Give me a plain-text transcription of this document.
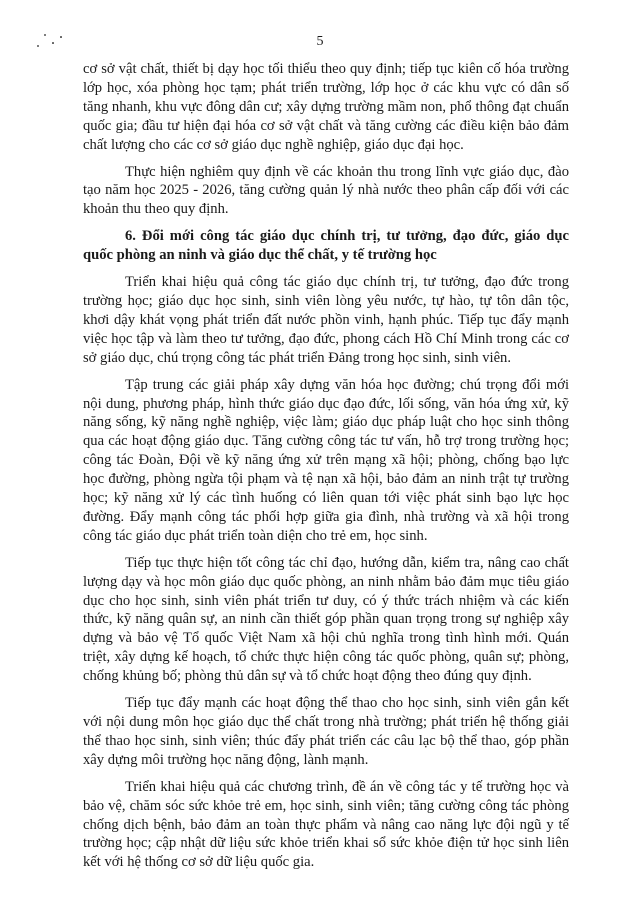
5

cơ sở vật chất, thiết bị dạy học tối thiểu theo quy định; tiếp tục kiên cố hóa trường lớp học, xóa phòng học tạm; phát triển trường, lớp học ở các khu vực có dân số tăng nhanh, khu vực đông dân cư; xây dựng trường mầm non, phổ thông đạt chuẩn quốc gia; đầu tư hiện đại hóa cơ sở vật chất và tăng cường các điều kiện bảo đảm chất lượng cho các cơ sở giáo dục nghề nghiệp, giáo dục đại học.

Thực hiện nghiêm quy định về các khoản thu trong lĩnh vực giáo dục, đào tạo năm học 2025 - 2026, tăng cường quản lý nhà nước theo phân cấp đối với các khoản thu theo quy định.

6. Đổi mới công tác giáo dục chính trị, tư tưởng, đạo đức, giáo dục quốc phòng an ninh và giáo dục thể chất, y tế trường học

Triển khai hiệu quả công tác giáo dục chính trị, tư tưởng, đạo đức trong trường học; giáo dục học sinh, sinh viên lòng yêu nước, tự hào, tự tôn dân tộc, khơi dậy khát vọng phát triển đất nước phồn vinh, hạnh phúc. Tiếp tục đẩy mạnh việc học tập và làm theo tư tưởng, đạo đức, phong cách Hồ Chí Minh trong các cơ sở giáo dục, chú trọng công tác phát triển Đảng trong học sinh, sinh viên.

Tập trung các giải pháp xây dựng văn hóa học đường; chú trọng đổi mới nội dung, phương pháp, hình thức giáo dục đạo đức, lối sống, văn hóa ứng xử, kỹ năng sống, kỹ năng nghề nghiệp, việc làm; giáo dục pháp luật cho học sinh thông qua các hoạt động giáo dục. Tăng cường công tác tư vấn, hỗ trợ trong trường học; công tác Đoàn, Đội về kỹ năng ứng xử trên mạng xã hội; phòng, chống bạo lực học đường, phòng ngừa tội phạm và tệ nạn xã hội, bảo đảm an ninh trật tự trường học; kỹ năng xử lý các tình huống có liên quan tới việc phát sinh bạo lực học đường. Đẩy mạnh công tác phối hợp giữa gia đình, nhà trường và xã hội trong công tác giáo dục phát triển toàn diện cho trẻ em, học sinh.

Tiếp tục thực hiện tốt công tác chỉ đạo, hướng dẫn, kiểm tra, nâng cao chất lượng dạy và học môn giáo dục quốc phòng, an ninh nhằm bảo đảm mục tiêu giáo dục cho học sinh, sinh viên phát triển tư duy, có ý thức trách nhiệm và các kiến thức, kỹ năng quân sự, an ninh cần thiết góp phần quan trọng trong sự nghiệp xây dựng và bảo vệ Tổ quốc Việt Nam xã hội chủ nghĩa trong tình hình mới. Quán triệt, xây dựng kế hoạch, tổ chức thực hiện công tác quốc phòng, quân sự; phòng, chống khủng bố; phòng thủ dân sự và tổ chức hoạt động theo đúng quy định.

Tiếp tục đẩy mạnh các hoạt động thể thao cho học sinh, sinh viên gắn kết với nội dung môn học giáo dục thể chất trong nhà trường; phát triển hệ thống giải thể thao học sinh, sinh viên; thúc đẩy phát triển các câu lạc bộ thể thao, góp phần xây dựng môi trường học năng động, lành mạnh.

Triển khai hiệu quả các chương trình, đề án về công tác y tế trường học và bảo vệ, chăm sóc sức khỏe trẻ em, học sinh, sinh viên; tăng cường công tác phòng chống dịch bệnh, bảo đảm an toàn thực phẩm và nâng cao năng lực đội ngũ y tế trường học; cập nhật dữ liệu sức khỏe triển khai sổ sức khỏe điện tử học sinh liên kết với hệ thống cơ sở dữ liệu quốc gia.
